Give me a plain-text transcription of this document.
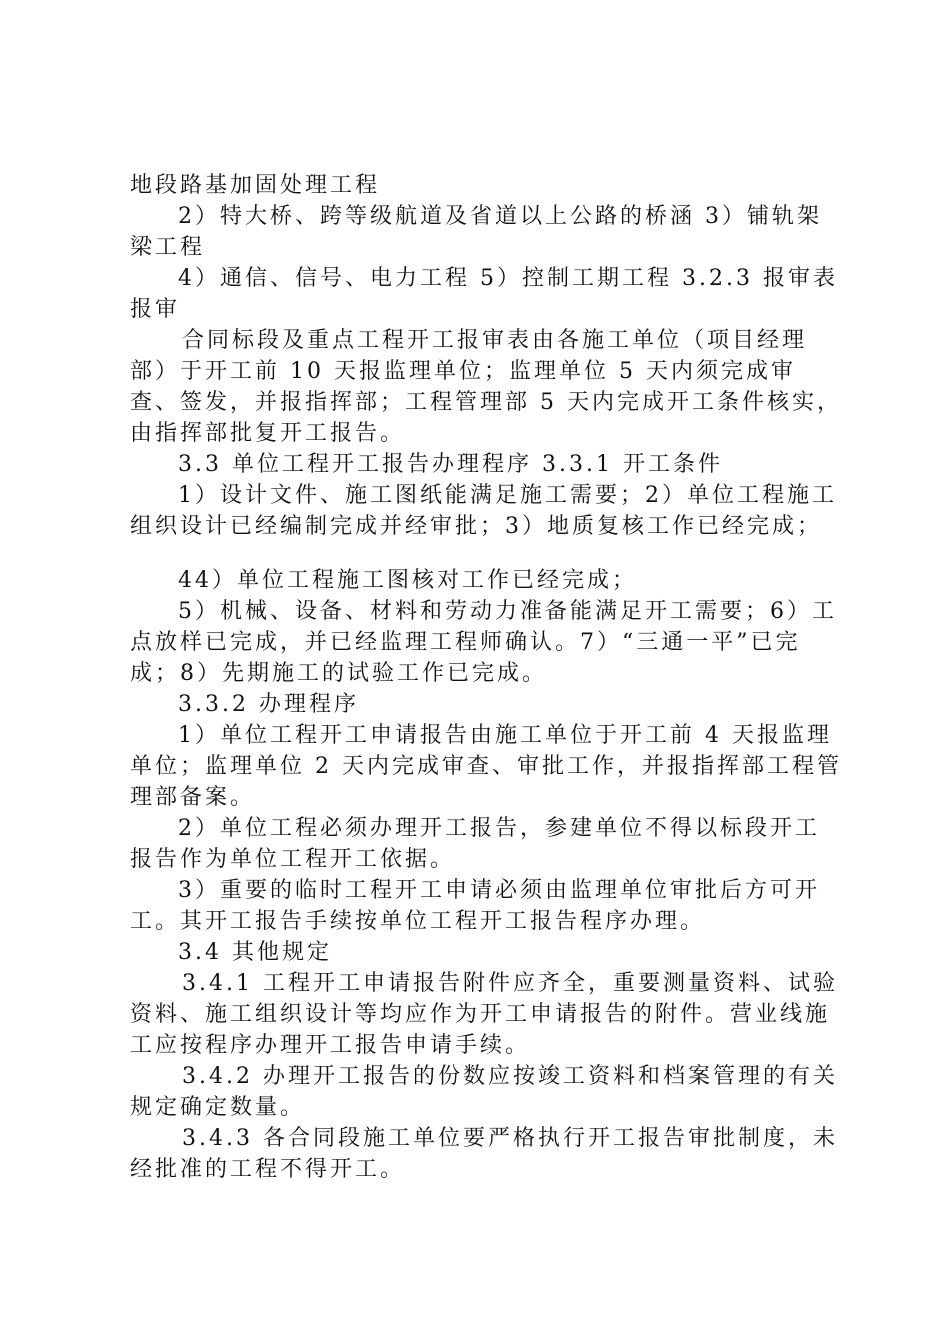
地段路基加固处理工程

2）特大桥、跨等级航道及省道以上公路的桥涵 3）铺轨架梁工程

4）通信、信号、电力工程 5）控制工期工程 3.2.3 报审表报审

合同标段及重点工程开工报审表由各施工单位（项目经理部）于开工前 10 天报监理单位；监理单位 5 天内须完成审查、签发，并报指挥部；工程管理部 5 天内完成开工条件核实，由指挥部批复开工报告。

3.3 单位工程开工报告办理程序 3.3.1 开工条件

1）设计文件、施工图纸能满足施工需要；2）单位工程施工组织设计已经编制完成并经审批；3）地质复核工作已经完成；

44）单位工程施工图核对工作已经完成；

5）机械、设备、材料和劳动力准备能满足开工需要；6）工点放样已完成，并已经监理工程师确认。7）“三通一平”已完成；8）先期施工的试验工作已完成。

3.3.2 办理程序

1）单位工程开工申请报告由施工单位于开工前 4 天报监理单位；监理单位 2 天内完成审查、审批工作，并报指挥部工程管理部备案。

2）单位工程必须办理开工报告，参建单位不得以标段开工报告作为单位工程开工依据。

3）重要的临时工程开工申请必须由监理单位审批后方可开工。其开工报告手续按单位工程开工报告程序办理。

3.4 其他规定

3.4.1 工程开工申请报告附件应齐全，重要测量资料、试验资料、施工组织设计等均应作为开工申请报告的附件。营业线施工应按程序办理开工报告申请手续。

3.4.2 办理开工报告的份数应按竣工资料和档案管理的有关规定确定数量。

3.4.3 各合同段施工单位要严格执行开工报告审批制度，未经批准的工程不得开工。
